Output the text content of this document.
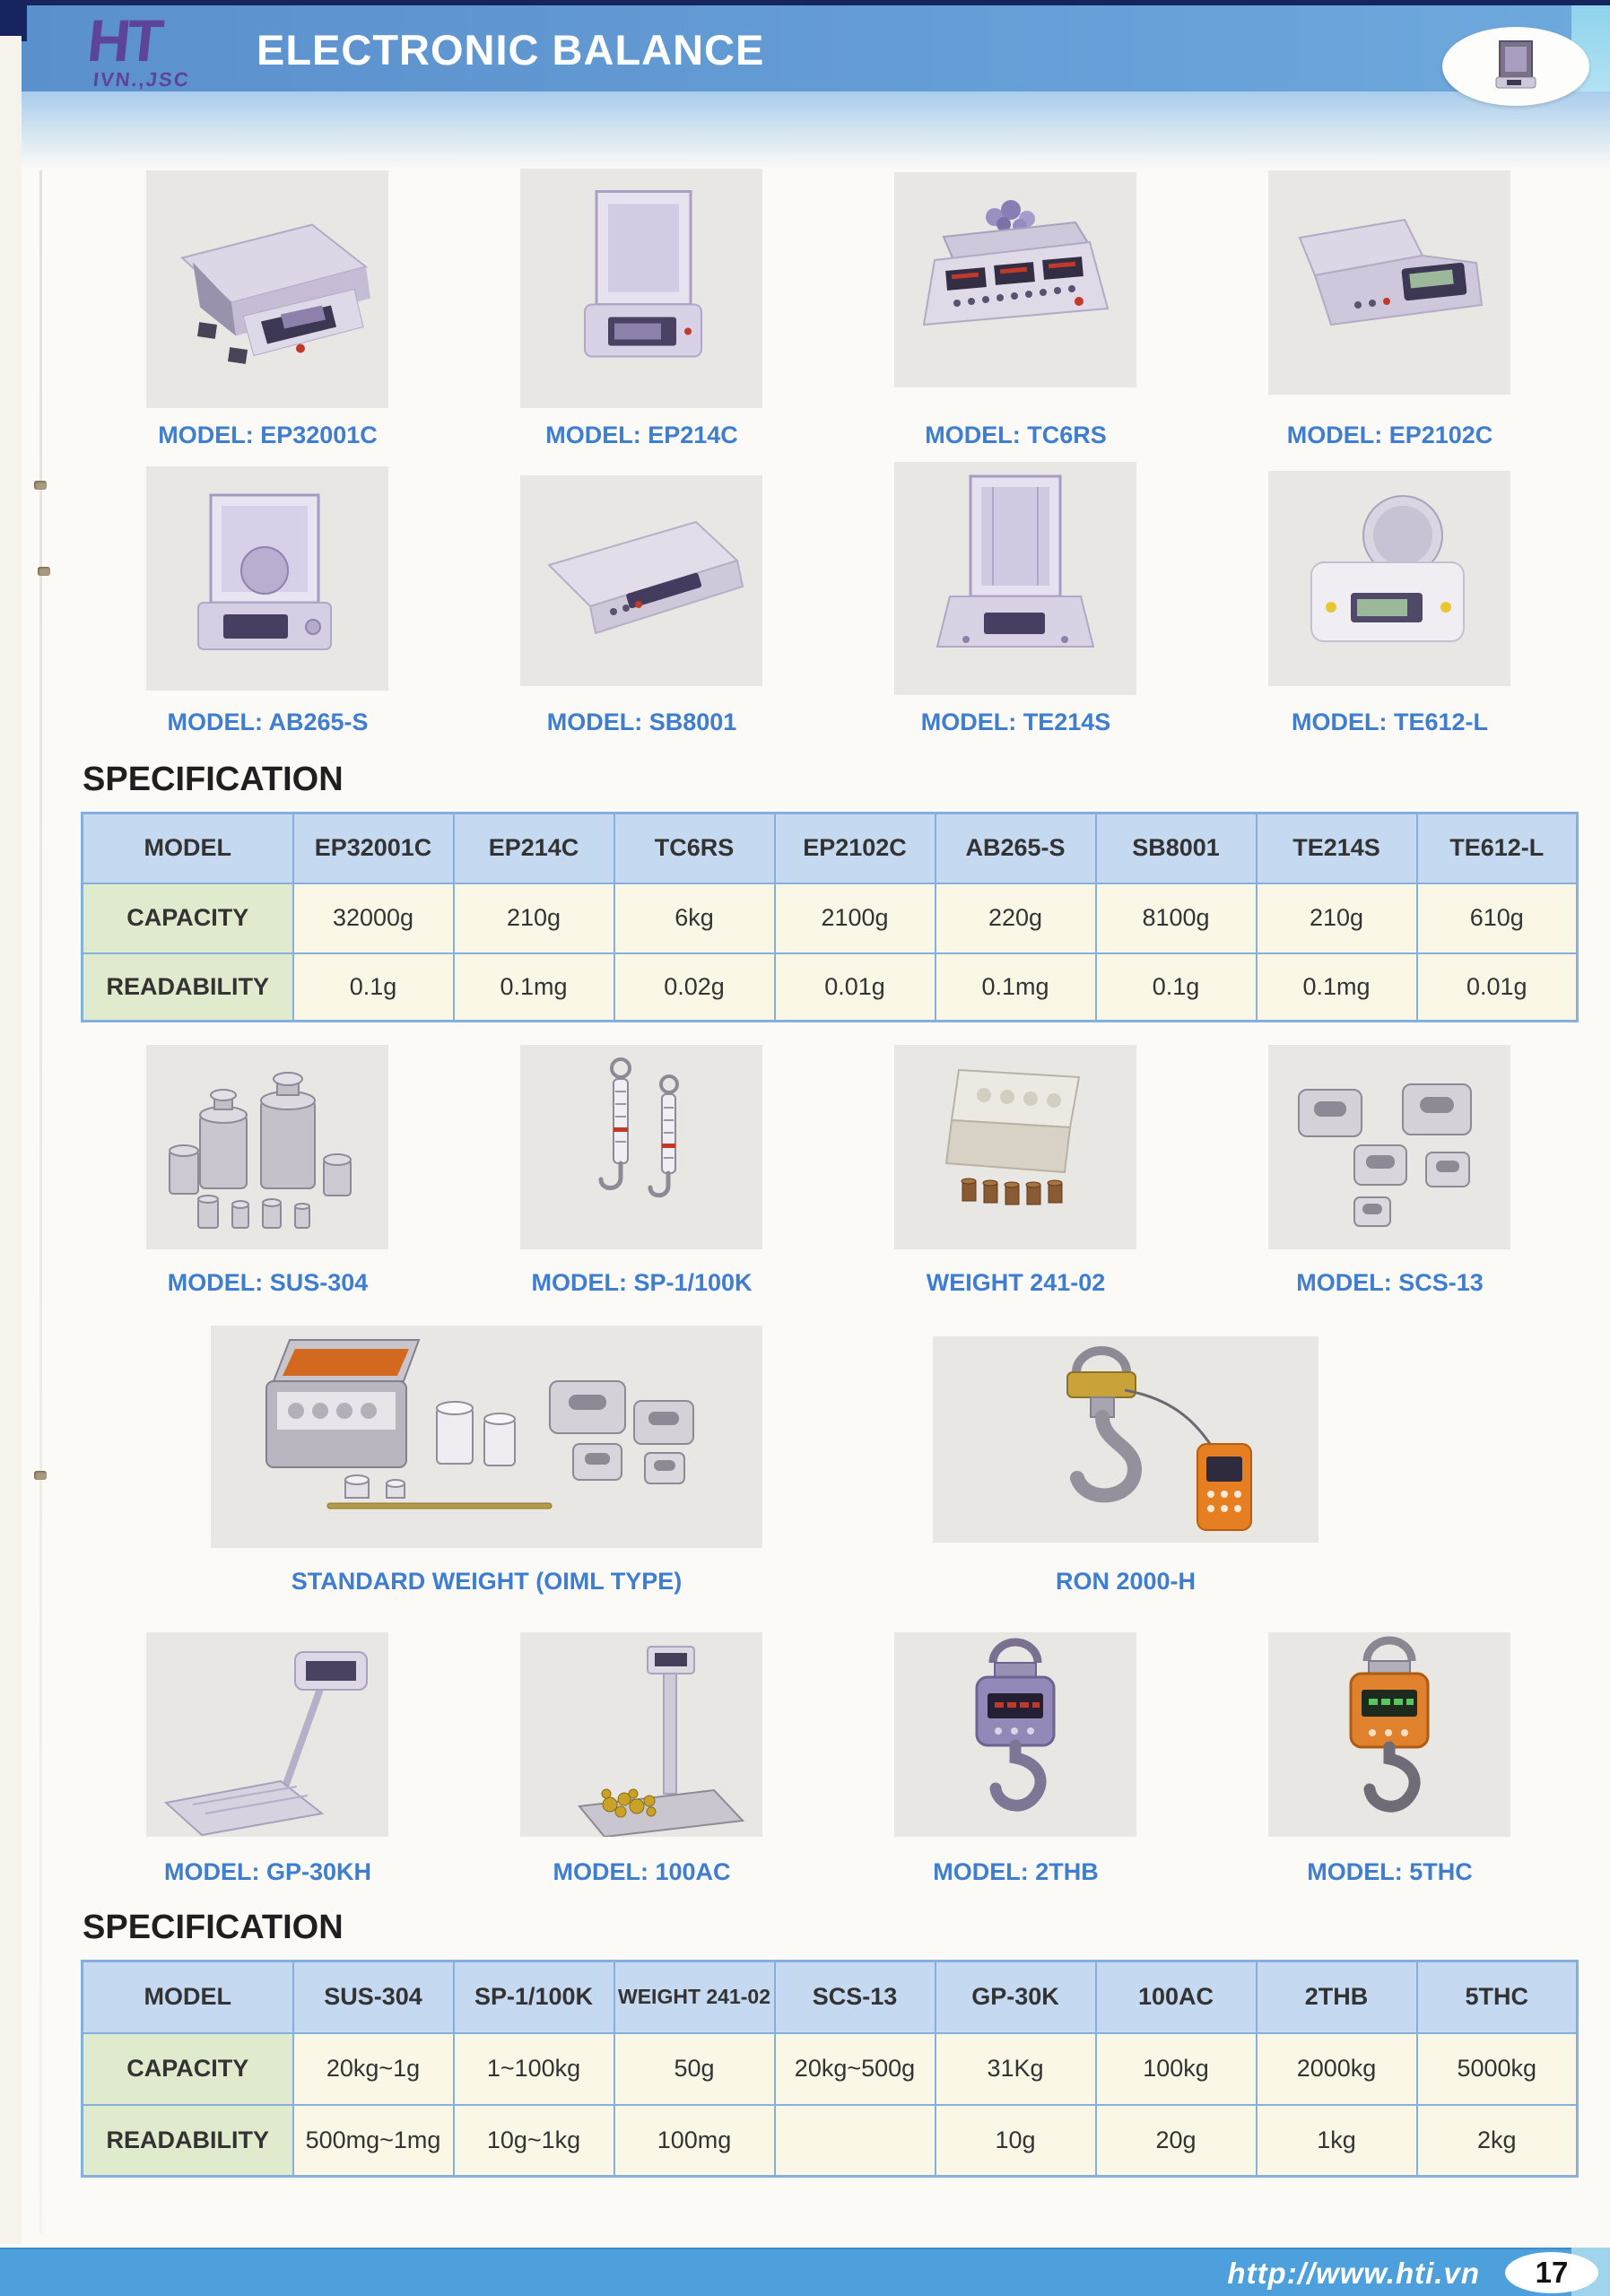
HT
IVN.,JSC
ELECTRONIC BALANCE
MODEL: EP32001C	MODEL: EP214C	MODEL: TC6RS	MODEL: EP2102C
MODEL: AB265-S	MODEL: SB8001	MODEL: TE214S	MODEL: TE612-L
SPECIFICATION
MODEL	EP32001C	EP214C	TC6RS	EP2102C	AB265-S	SB8001	TE214S	TE612-L
CAPACITY	32000g	210g	6kg	2100g	220g	8100g	210g	610g
READABILITY	0.1g	0.1mg	0.02g	0.01g	0.1mg	0.1g	0.1mg	0.01g
MODEL: SUS-304	MODEL: SP-1/100K	WEIGHT 241-02	MODEL: SCS-13
STANDARD WEIGHT (OIML TYPE)	RON 2000-H
MODEL: GP-30KH	MODEL: 100AC	MODEL: 2THB	MODEL: 5THC
SPECIFICATION
MODEL	SUS-304	SP-1/100K	WEIGHT 241-02	SCS-13	GP-30K	100AC	2THB	5THC
CAPACITY	20kg~1g	1~100kg	50g	20kg~500g	31Kg	100kg	2000kg	5000kg
READABILITY	500mg~1mg	10g~1kg	100mg		10g	20g	1kg	2kg
http://www.hti.vn	17
